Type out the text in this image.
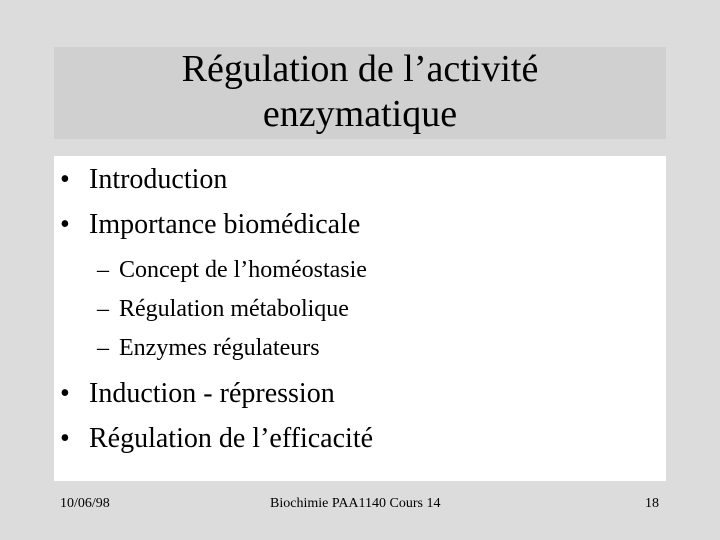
Régulation de l’activité
enzymatique
• Introduction
• Importance biomédicale
– Concept de l’homéostasie
– Régulation métabolique
– Enzymes régulateurs
• Induction - répression
• Régulation de l’efficacité
10/06/98	Biochimie PAA1140 Cours 14	18
